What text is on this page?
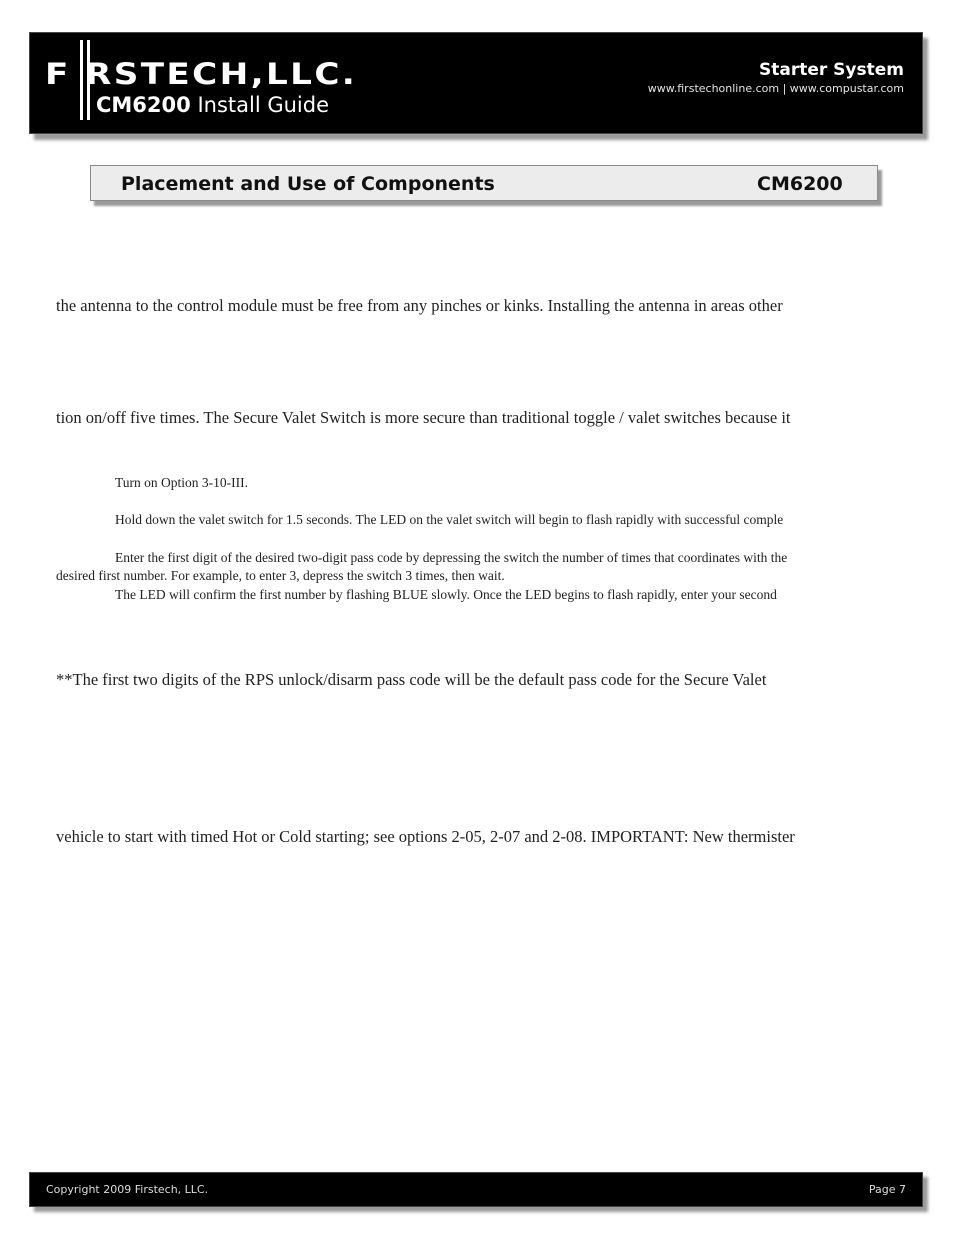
F RSTECH,LLC.
CM6200 Install Guide
Starter System
www.firstechonline.com | www.compustar.com
Placement and Use of Components	CM6200
the antenna to the control module must be free from any pinches or kinks. Installing the antenna in areas other
tion on/off five times. The Secure Valet Switch is more secure than traditional toggle / valet switches because it
Turn on Option 3-10-III.
Hold down the valet switch for 1.5 seconds. The LED on the valet switch will begin to flash rapidly with successful comple
Enter the first digit of the desired two-digit pass code by depressing the switch the number of times that coordinates with the
desired first number. For example, to enter 3, depress the switch 3 times, then wait.
The LED will confirm the first number by flashing BLUE slowly. Once the LED begins to flash rapidly, enter your second
**The first two digits of the RPS unlock/disarm pass code will be the default pass code for the Secure Valet
vehicle to start with timed Hot or Cold starting; see options 2-05, 2-07 and 2-08. IMPORTANT: New thermister
Copyright 2009 Firstech, LLC.	Page 7
